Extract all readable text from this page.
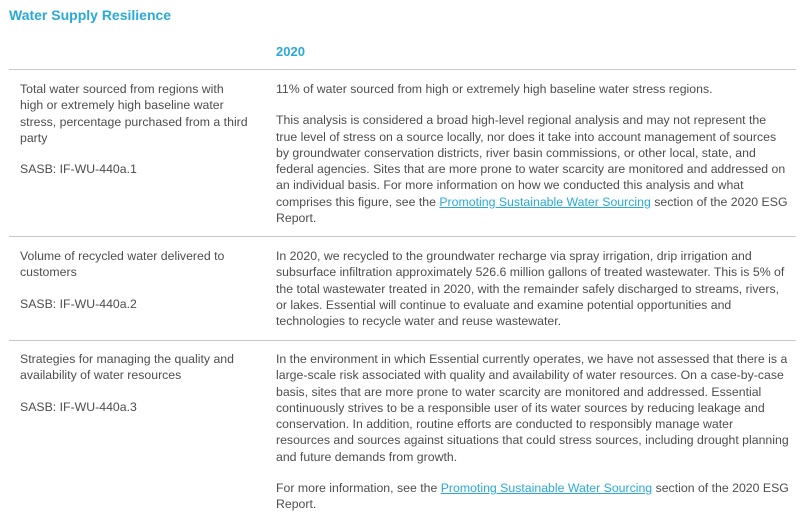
Water Supply Resilience
2020

Total water sourced from regions with high or extremely high baseline water stress, percentage purchased from a third party

SASB: IF-WU-440a.1

11% of water sourced from high or extremely high baseline water stress regions.

This analysis is considered a broad high-level regional analysis and may not represent the true level of stress on a source locally, nor does it take into account management of sources by groundwater conservation districts, river basin commissions, or other local, state, and federal agencies. Sites that are more prone to water scarcity are monitored and addressed on an individual basis. For more information on how we conducted this analysis and what comprises this figure, see the Promoting Sustainable Water Sourcing section of the 2020 ESG Report.

Volume of recycled water delivered to customers

SASB: IF-WU-440a.2

In 2020, we recycled to the groundwater recharge via spray irrigation, drip irrigation and subsurface infiltration approximately 526.6 million gallons of treated wastewater. This is 5% of the total wastewater treated in 2020, with the remainder safely discharged to streams, rivers, or lakes. Essential will continue to evaluate and examine potential opportunities and technologies to recycle water and reuse wastewater.

Strategies for managing the quality and availability of water resources

SASB: IF-WU-440a.3

In the environment in which Essential currently operates, we have not assessed that there is a large-scale risk associated with quality and availability of water resources. On a case-by-case basis, sites that are more prone to water scarcity are monitored and addressed. Essential continuously strives to be a responsible user of its water sources by reducing leakage and conservation. In addition, routine efforts are conducted to responsibly manage water resources and sources against situations that could stress sources, including drought planning and future demands from growth.

For more information, see the Promoting Sustainable Water Sourcing section of the 2020 ESG Report.
